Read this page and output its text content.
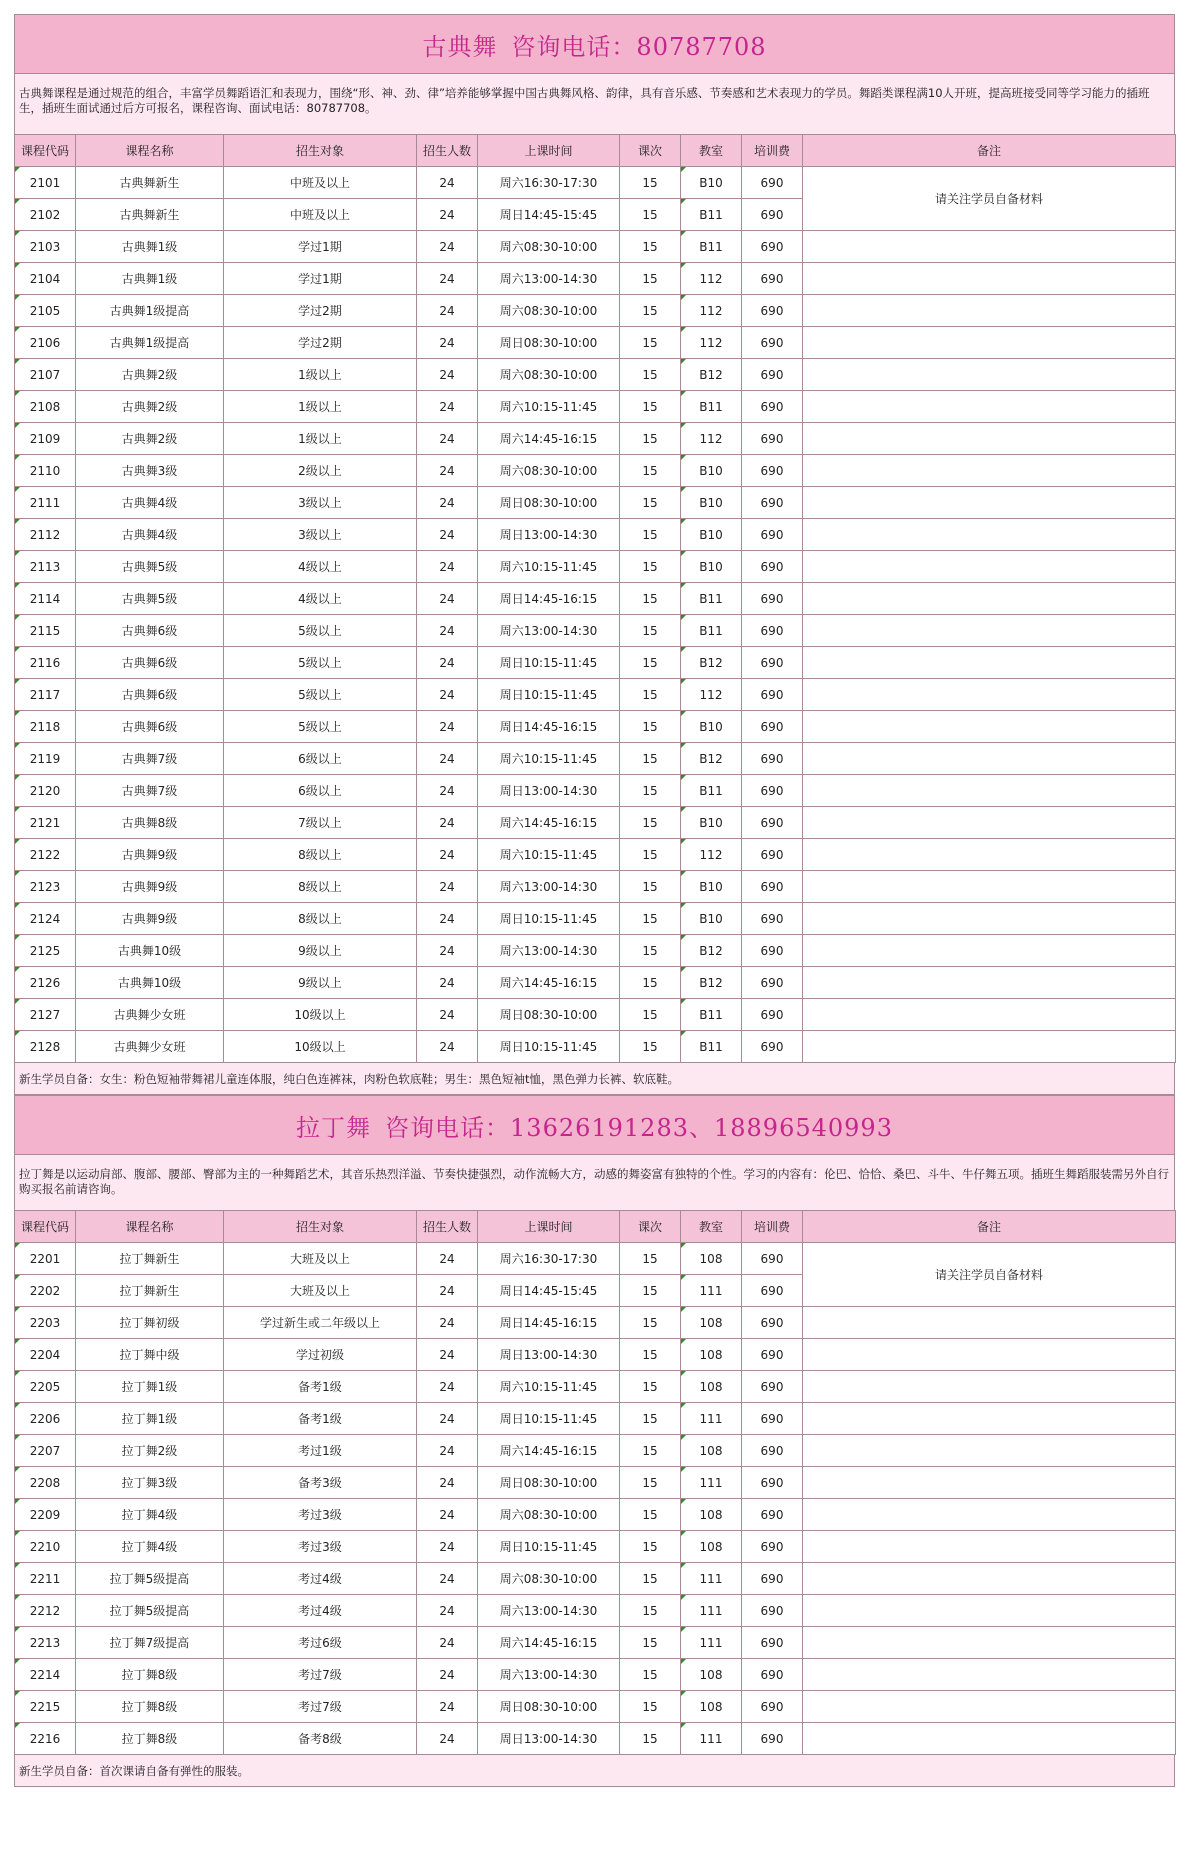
古典舞 咨询电话：80787708
古典舞课程是通过规范的组合，丰富学员舞蹈语汇和表现力，围绕“形、神、劲、律”培养能够掌握中国古典舞风格、韵律，具有音乐感、节奏感和艺术表现力的学员。舞蹈类课程满10人开班，提高班接受同等学习能力的插班生，插班生面试通过后方可报名，课程咨询、面试电话：80787708。
课程代码	课程名称	招生对象	招生人数	上课时间	课次	教室	培训费	备注
2101	古典舞新生	中班及以上	24	周六16:30-17:30	15	B10	690	请关注学员自备材料
2102	古典舞新生	中班及以上	24	周日14:45-15:45	15	B11	690	
2103	古典舞1级	学过1期	24	周六08:30-10:00	15	B11	690	
2104	古典舞1级	学过1期	24	周六13:00-14:30	15	112	690	
2105	古典舞1级提高	学过2期	24	周六08:30-10:00	15	112	690	
2106	古典舞1级提高	学过2期	24	周日08:30-10:00	15	112	690	
2107	古典舞2级	1级以上	24	周六08:30-10:00	15	B12	690	
2108	古典舞2级	1级以上	24	周六10:15-11:45	15	B11	690	
2109	古典舞2级	1级以上	24	周六14:45-16:15	15	112	690	
2110	古典舞3级	2级以上	24	周六08:30-10:00	15	B10	690	
2111	古典舞4级	3级以上	24	周日08:30-10:00	15	B10	690	
2112	古典舞4级	3级以上	24	周日13:00-14:30	15	B10	690	
2113	古典舞5级	4级以上	24	周六10:15-11:45	15	B10	690	
2114	古典舞5级	4级以上	24	周日14:45-16:15	15	B11	690	
2115	古典舞6级	5级以上	24	周六13:00-14:30	15	B11	690	
2116	古典舞6级	5级以上	24	周日10:15-11:45	15	B12	690	
2117	古典舞6级	5级以上	24	周日10:15-11:45	15	112	690	
2118	古典舞6级	5级以上	24	周日14:45-16:15	15	B10	690	
2119	古典舞7级	6级以上	24	周六10:15-11:45	15	B12	690	
2120	古典舞7级	6级以上	24	周日13:00-14:30	15	B11	690	
2121	古典舞8级	7级以上	24	周六14:45-16:15	15	B10	690	
2122	古典舞9级	8级以上	24	周六10:15-11:45	15	112	690	
2123	古典舞9级	8级以上	24	周六13:00-14:30	15	B10	690	
2124	古典舞9级	8级以上	24	周日10:15-11:45	15	B10	690	
2125	古典舞10级	9级以上	24	周六13:00-14:30	15	B12	690	
2126	古典舞10级	9级以上	24	周六14:45-16:15	15	B12	690	
2127	古典舞少女班	10级以上	24	周日08:30-10:00	15	B11	690	
2128	古典舞少女班	10级以上	24	周日10:15-11:45	15	B11	690	
新生学员自备：女生：粉色短袖带舞裙儿童连体服，纯白色连裤袜，肉粉色软底鞋；男生：黑色短袖t恤，黑色弹力长裤、软底鞋。
拉丁舞 咨询电话：13626191283、18896540993
拉丁舞是以运动肩部、腹部、腰部、臀部为主的一种舞蹈艺术，其音乐热烈洋溢、节奏快捷强烈，动作流畅大方，动感的舞姿富有独特的个性。学习的内容有：伦巴、恰恰、桑巴、斗牛、牛仔舞五项。插班生舞蹈服装需另外自行购买报名前请咨询。
课程代码	课程名称	招生对象	招生人数	上课时间	课次	教室	培训费	备注
2201	拉丁舞新生	大班及以上	24	周六16:30-17:30	15	108	690	请关注学员自备材料
2202	拉丁舞新生	大班及以上	24	周日14:45-15:45	15	111	690	
2203	拉丁舞初级	学过新生或二年级以上	24	周日14:45-16:15	15	108	690	
2204	拉丁舞中级	学过初级	24	周日13:00-14:30	15	108	690	
2205	拉丁舞1级	备考1级	24	周六10:15-11:45	15	108	690	
2206	拉丁舞1级	备考1级	24	周日10:15-11:45	15	111	690	
2207	拉丁舞2级	考过1级	24	周六14:45-16:15	15	108	690	
2208	拉丁舞3级	备考3级	24	周日08:30-10:00	15	111	690	
2209	拉丁舞4级	考过3级	24	周六08:30-10:00	15	108	690	
2210	拉丁舞4级	考过3级	24	周日10:15-11:45	15	108	690	
2211	拉丁舞5级提高	考过4级	24	周六08:30-10:00	15	111	690	
2212	拉丁舞5级提高	考过4级	24	周六13:00-14:30	15	111	690	
2213	拉丁舞7级提高	考过6级	24	周六14:45-16:15	15	111	690	
2214	拉丁舞8级	考过7级	24	周六13:00-14:30	15	108	690	
2215	拉丁舞8级	考过7级	24	周日08:30-10:00	15	108	690	
2216	拉丁舞8级	备考8级	24	周日13:00-14:30	15	111	690	
新生学员自备：首次课请自备有弹性的服装。
